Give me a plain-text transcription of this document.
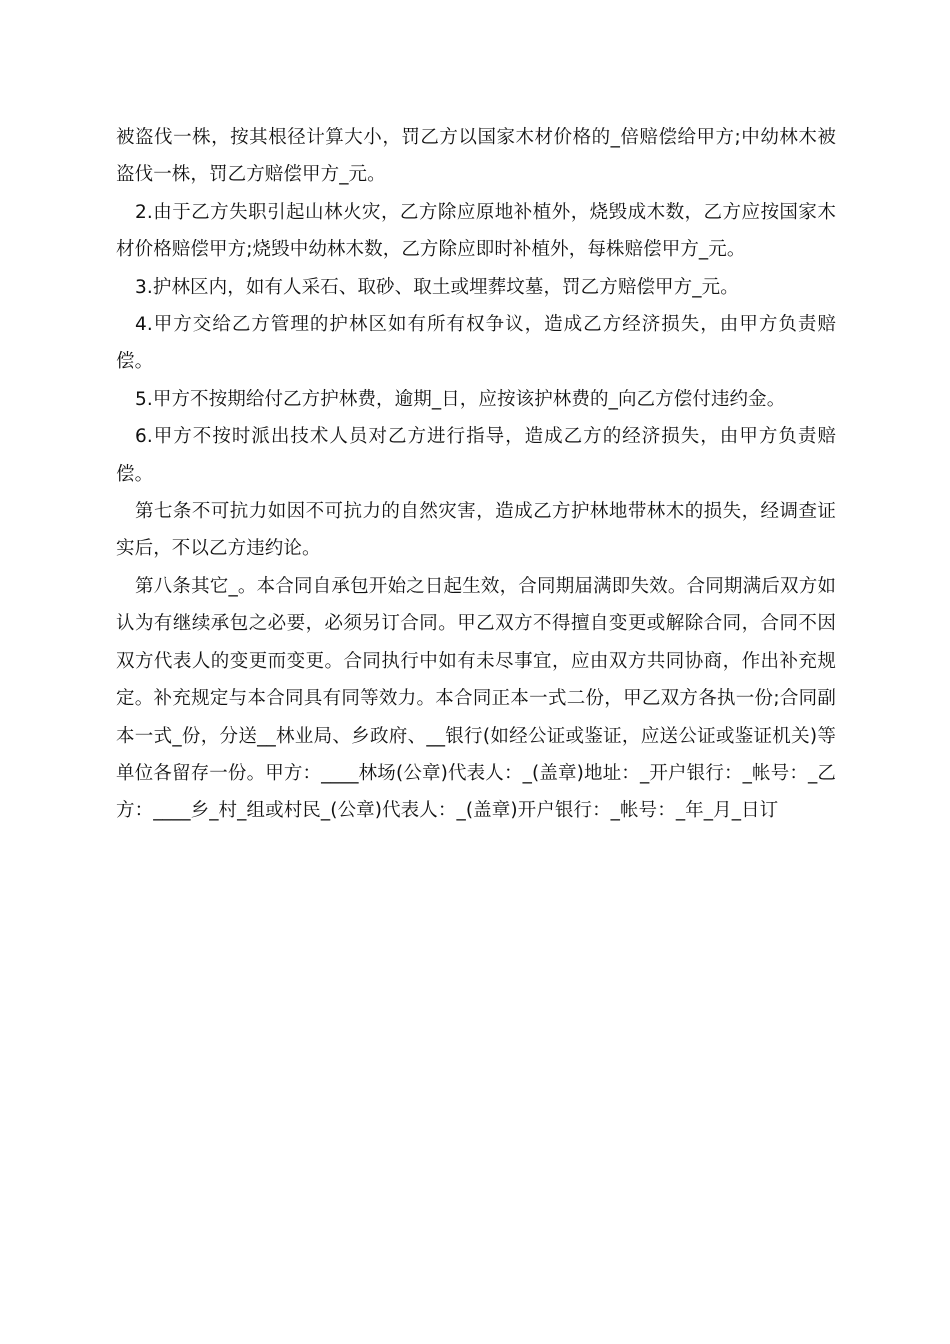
被盗伐一株，按其根径计算大小，罚乙方以国家木材价格的_倍赔偿给甲方;中幼林木被盗伐一株，罚乙方赔偿甲方_元。

2.由于乙方失职引起山林火灾，乙方除应原地补植外，烧毁成木数，乙方应按国家木材价格赔偿甲方;烧毁中幼林木数，乙方除应即时补植外，每株赔偿甲方_元。

3.护林区内，如有人采石、取砂、取土或埋葬坟墓，罚乙方赔偿甲方_元。

4.甲方交给乙方管理的护林区如有所有权争议，造成乙方经济损失，由甲方负责赔偿。

5.甲方不按期给付乙方护林费，逾期_日，应按该护林费的_向乙方偿付违约金。

6.甲方不按时派出技术人员对乙方进行指导，造成乙方的经济损失，由甲方负责赔偿。

第七条不可抗力如因不可抗力的自然灾害，造成乙方护林地带林木的损失，经调查证实后，不以乙方违约论。

第八条其它_。本合同自承包开始之日起生效，合同期届满即失效。合同期满后双方如认为有继续承包之必要，必须另订合同。甲乙双方不得擅自变更或解除合同，合同不因双方代表人的变更而变更。合同执行中如有未尽事宜，应由双方共同协商，作出补充规定。补充规定与本合同具有同等效力。本合同正本一式二份，甲乙双方各执一份;合同副本一式_份，分送__林业局、乡政府、__银行(如经公证或鉴证，应送公证或鉴证机关)等单位各留存一份。甲方：____林场(公章)代表人：_(盖章)地址：_开户银行：_帐号：_乙方：____乡_村_组或村民_(公章)代表人：_(盖章)开户银行：_帐号：_年_月_日订
